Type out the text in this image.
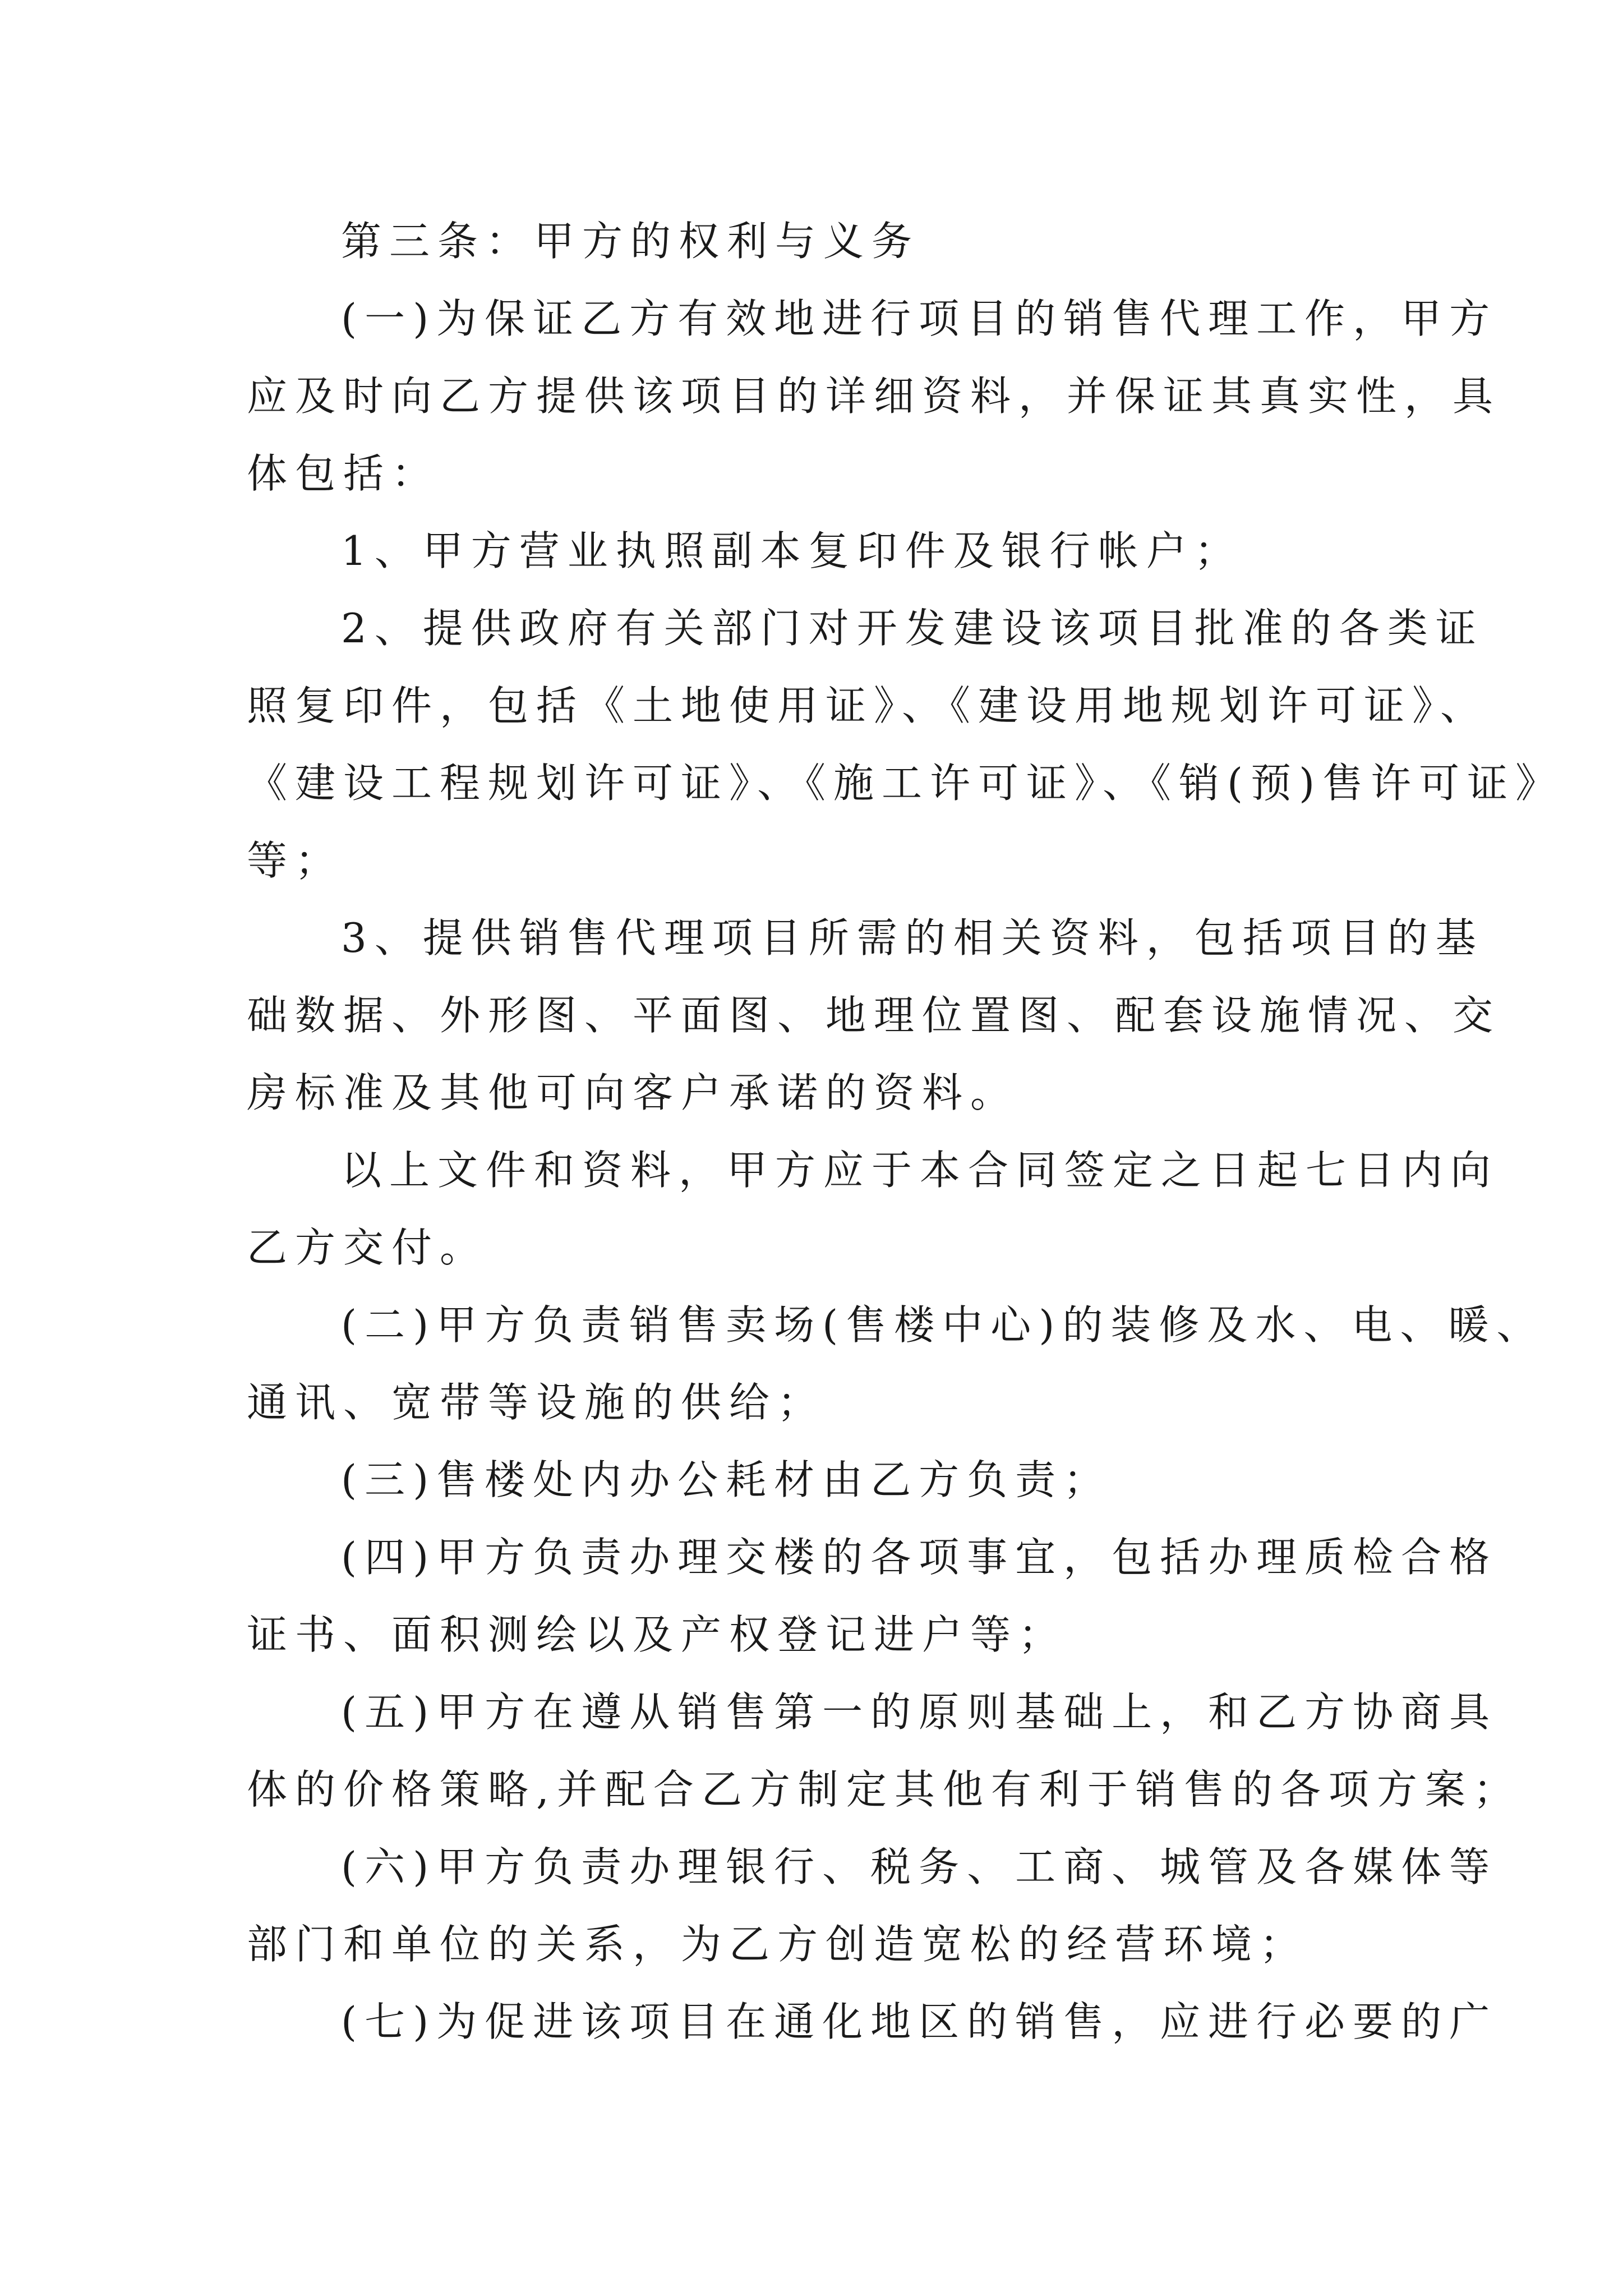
第三条：甲方的权利与义务
(一)为保证乙方有效地进行项目的销售代理工作，甲方
应及时向乙方提供该项目的详细资料，并保证其真实性，具
体包括：
1、甲方营业执照副本复印件及银行帐户；
2、提供政府有关部门对开发建设该项目批准的各类证
照复印件，包括《土地使用证》、《建设用地规划许可证》、
《建设工程规划许可证》、《施工许可证》、《销(预)售许可证》
等；
3、提供销售代理项目所需的相关资料，包括项目的基
础数据、外形图、平面图、地理位置图、配套设施情况、交
房标准及其他可向客户承诺的资料。
以上文件和资料，甲方应于本合同签定之日起七日内向
乙方交付。
(二)甲方负责销售卖场(售楼中心)的装修及水、电、暖、
通讯、宽带等设施的供给；
(三)售楼处内办公耗材由乙方负责；
(四)甲方负责办理交楼的各项事宜，包括办理质检合格
证书、面积测绘以及产权登记进户等；
(五)甲方在遵从销售第一的原则基础上，和乙方协商具
体的价格策略,并配合乙方制定其他有利于销售的各项方案；
(六)甲方负责办理银行、税务、工商、城管及各媒体等
部门和单位的关系，为乙方创造宽松的经营环境；
(七)为促进该项目在通化地区的销售，应进行必要的广
